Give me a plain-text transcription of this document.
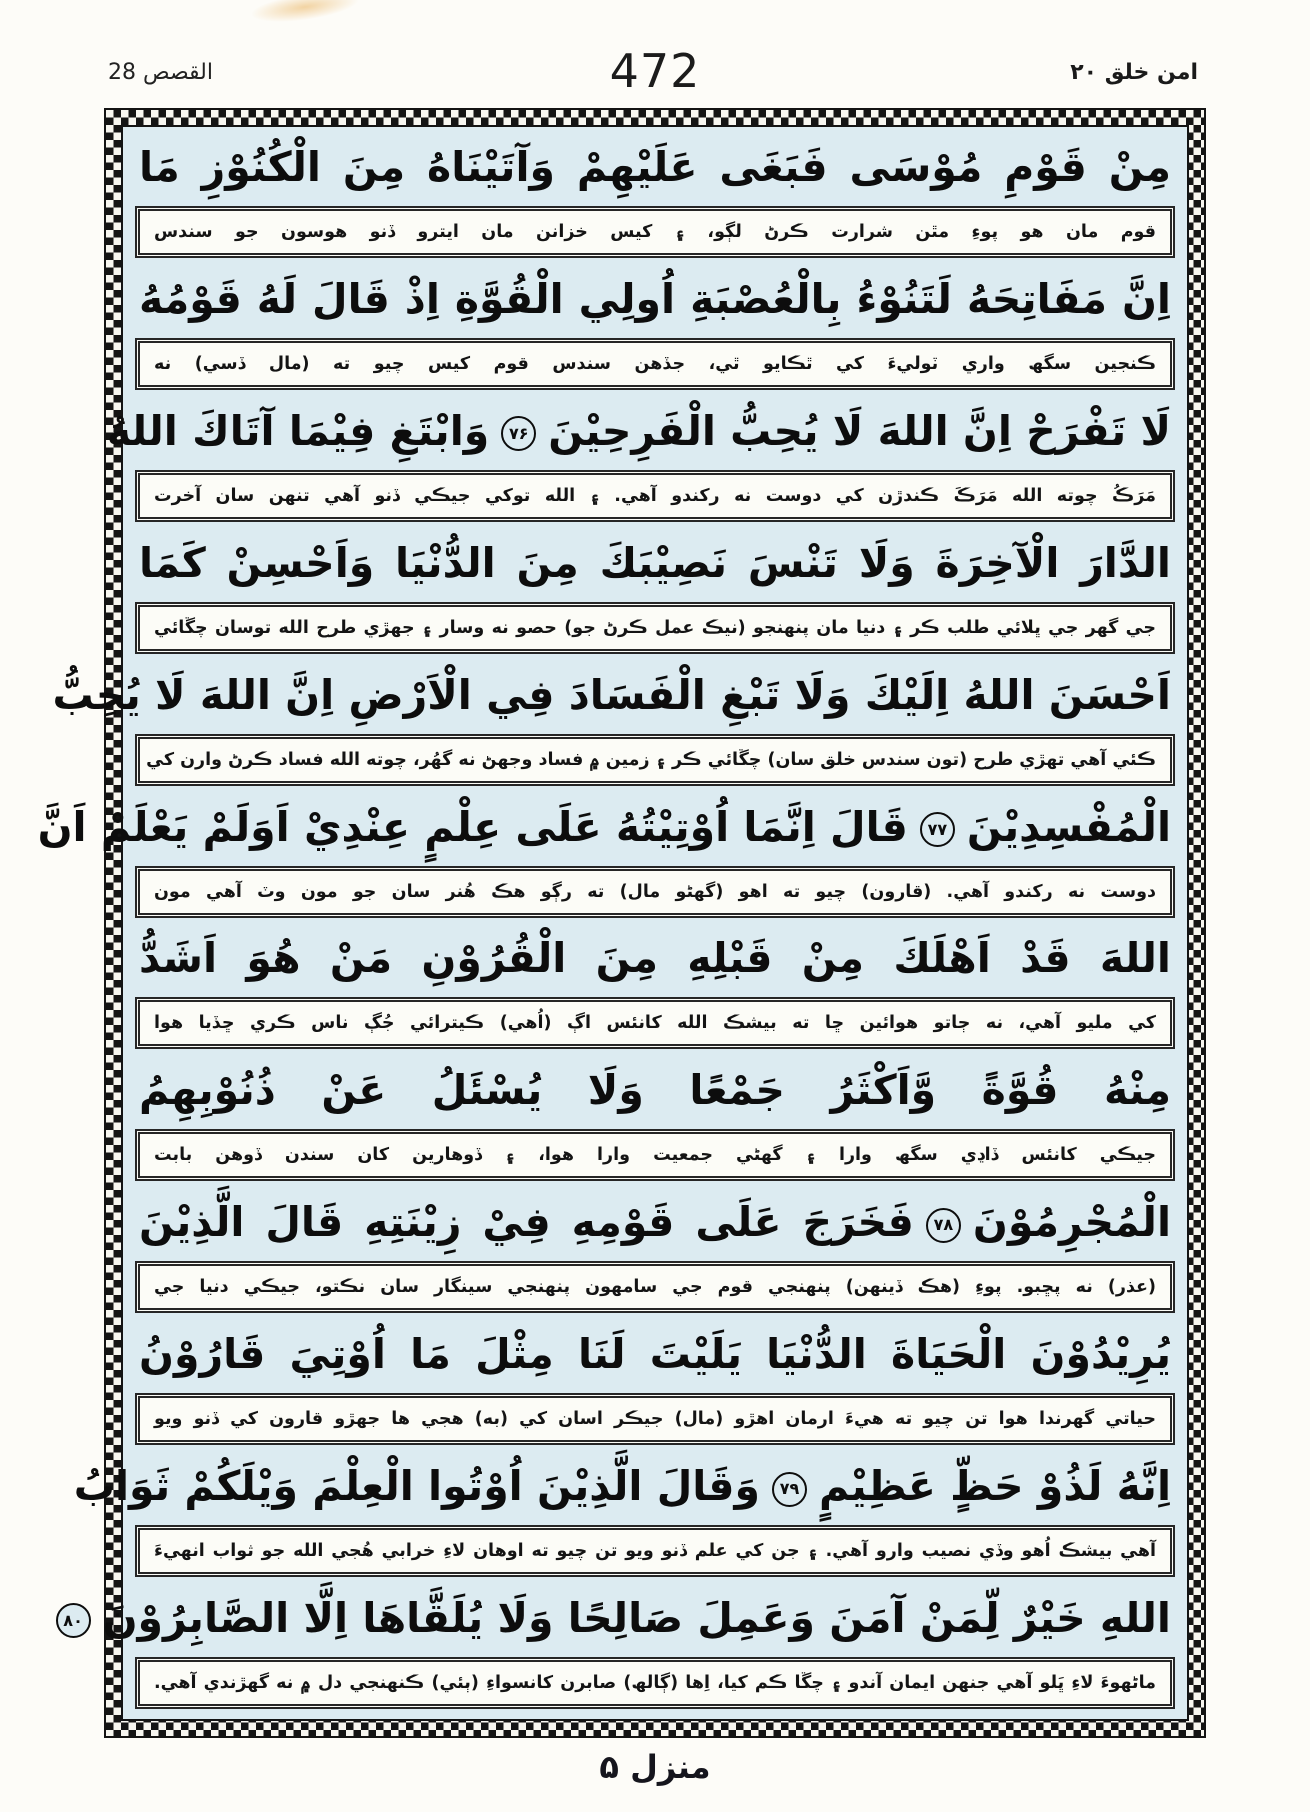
القصص 28	472	امن خلق ۲۰
مِنْ قَوْمِ مُوْسَى فَبَغَى عَلَيْهِمْ وَآتَيْنَاهُ مِنَ الْكُنُوْزِ مَا
قوم مان هو پوءِ مٿن شرارت ڪرڻ لڳو، ۽ کيس خزانن مان ايترو ڏنو هوسون جو سندس
اِنَّ مَفَاتِحَهُ لَتَنُوْءُ بِالْعُصْبَةِ اُولِي الْقُوَّةِ اِذْ قَالَ لَهُ قَوْمُهُ
ڪنجين سگھ واري ٽوليءَ کي ٿڪايو ٿي، جڏهن سندس قوم کيس چيو ته (مال ڏسي) نه
لَا تَفْرَحْ اِنَّ اللهَ لَا يُحِبُّ الْفَرِحِيْنَ
۷۶
وَابْتَغِ فِيْمَا آتَاكَ اللهُ
مَرَڪُ چوته الله مَرَڪَ ڪندڙن کي دوست نه رکندو آهي. ۽ الله توکي جيڪي ڏنو آهي تنهن سان آخرت
الدَّارَ الْآخِرَةَ وَلَا تَنْسَ نَصِيْبَكَ مِنَ الدُّنْيَا وَاَحْسِنْ كَمَا
جي گهر جي ڀلائي طلب ڪر ۽ دنيا مان پنهنجو (نيڪ عمل ڪرڻ جو) حصو نه وسار ۽ جهڙي طرح الله توسان چڱائي
اَحْسَنَ اللهُ اِلَيْكَ وَلَا تَبْغِ الْفَسَادَ فِي الْاَرْضِ اِنَّ اللهَ لَا يُحِبُّ
ڪئي آهي تهڙي طرح (تون سندس خلق سان) چڱائي ڪر ۽ زمين ۾ فساد وجهڻ نه گهُر، چوته الله فساد ڪرڻ وارن کي
الْمُفْسِدِيْنَ
۷۷
قَالَ اِنَّمَا اُوْتِيْتُهُ عَلَى عِلْمٍ عِنْدِيْ اَوَلَمْ يَعْلَمْ اَنَّ
دوست نه رکندو آهي. (قارون) چيو ته اهو (گهڻو مال) ته رڳو هڪ هُنر سان جو مون وٽ آهي مون
اللهَ قَدْ اَهْلَكَ مِنْ قَبْلِهِ مِنَ الْقُرُوْنِ مَنْ هُوَ اَشَدُّ
کي مليو آهي، نه ڄاتو هوائين ڇا ته بيشڪ الله کانئس اڳ (اُهي) ڪيترائي جُڳ ناس ڪري ڇڏيا هوا
مِنْهُ قُوَّةً وَّاَكْثَرُ جَمْعًا وَلَا يُسْئَلُ عَنْ ذُنُوْبِهِمُ
جيڪي کانئس ڏاڍي سگھ وارا ۽ گهڻي جمعيت وارا هوا، ۽ ڏوهارين کان سندن ڏوهن بابت
الْمُجْرِمُوْنَ
۷۸
فَخَرَجَ عَلَى قَوْمِهِ فِيْ زِيْنَتِهِ قَالَ الَّذِيْنَ
(عذر) نه پڇبو. پوءِ (هڪ ڏينهن) پنهنجي قوم جي سامهون پنهنجي سينگار سان نڪتو، جيڪي دنيا جي
يُرِيْدُوْنَ الْحَيَاةَ الدُّنْيَا يَلَيْتَ لَنَا مِثْلَ مَا اُوْتِيَ قَارُوْنُ
حياتي گهرندا هوا تن چيو ته هيءَ ارمان اهڙو (مال) جيڪر اسان کي (به) هجي ها جهڙو قارون کي ڏنو ويو
اِنَّهُ لَذُوْ حَظٍّ عَظِيْمٍ
۷۹
وَقَالَ الَّذِيْنَ اُوْتُوا الْعِلْمَ وَيْلَكُمْ ثَوَابُ
آهي بيشڪ اُهو وڏي نصيب وارو آهي. ۽ جن کي علم ڏنو ويو تن چيو ته اوهان لاءِ خرابي هُجي الله جو ثواب انهيءَ
اللهِ خَيْرٌ لِّمَنْ آمَنَ وَعَمِلَ صَالِحًا وَلَا يُلَقَّاهَا اِلَّا الصَّابِرُوْنَ
۸۰
ماڻهوءَ لاءِ ڀَلو آهي جنهن ايمان آندو ۽ چڱا ڪم کيا، اِها (ڳالھ) صابرن کانسواءِ (ٻئي) ڪنهنجي دل ۾ نه گهڙندي آهي.
منزل ۵
